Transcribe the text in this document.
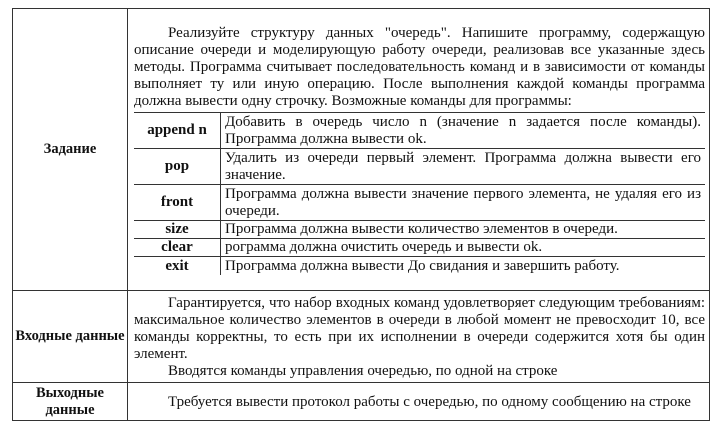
Задание	
Реализуйте структуру данных "очередь". Напишите программу, содержащую описание очереди и моделирующую работу очереди, реализовав все указанные здесь методы. Программа считывает последовательность команд и в зависимости от команды выполняет ту или иную операцию. После выполнения каждой команды программа должна вывести одну строчку. Возможные команды для программы:
append n	Добавить в очередь число n (значение n задается после команды). Программа должна вывести ok.
pop	Удалить из очереди первый элемент. Программа должна вывести его значение.
front	Программа должна вывести значение первого элемента, не удаляя его из очереди.
size	Программа должна вывести количество элементов в очереди.
clear	рограмма должна очистить очередь и вывести ok.
exit	Программа должна вывести До свидания и завершить работу.

Входные данные	
Гарантируется, что набор входных команд удовлетворяет следующим требованиям: максимальное количество элементов в очереди в любой момент не превосходит 10, все команды корректны, то есть при их исполнении в очереди содержится хотя бы один элемент.
Вводятся команды управления очередью, по одной на строке

Выходные данные	Требуется вывести протокол работы с очередью, по одному сообщению на строке
